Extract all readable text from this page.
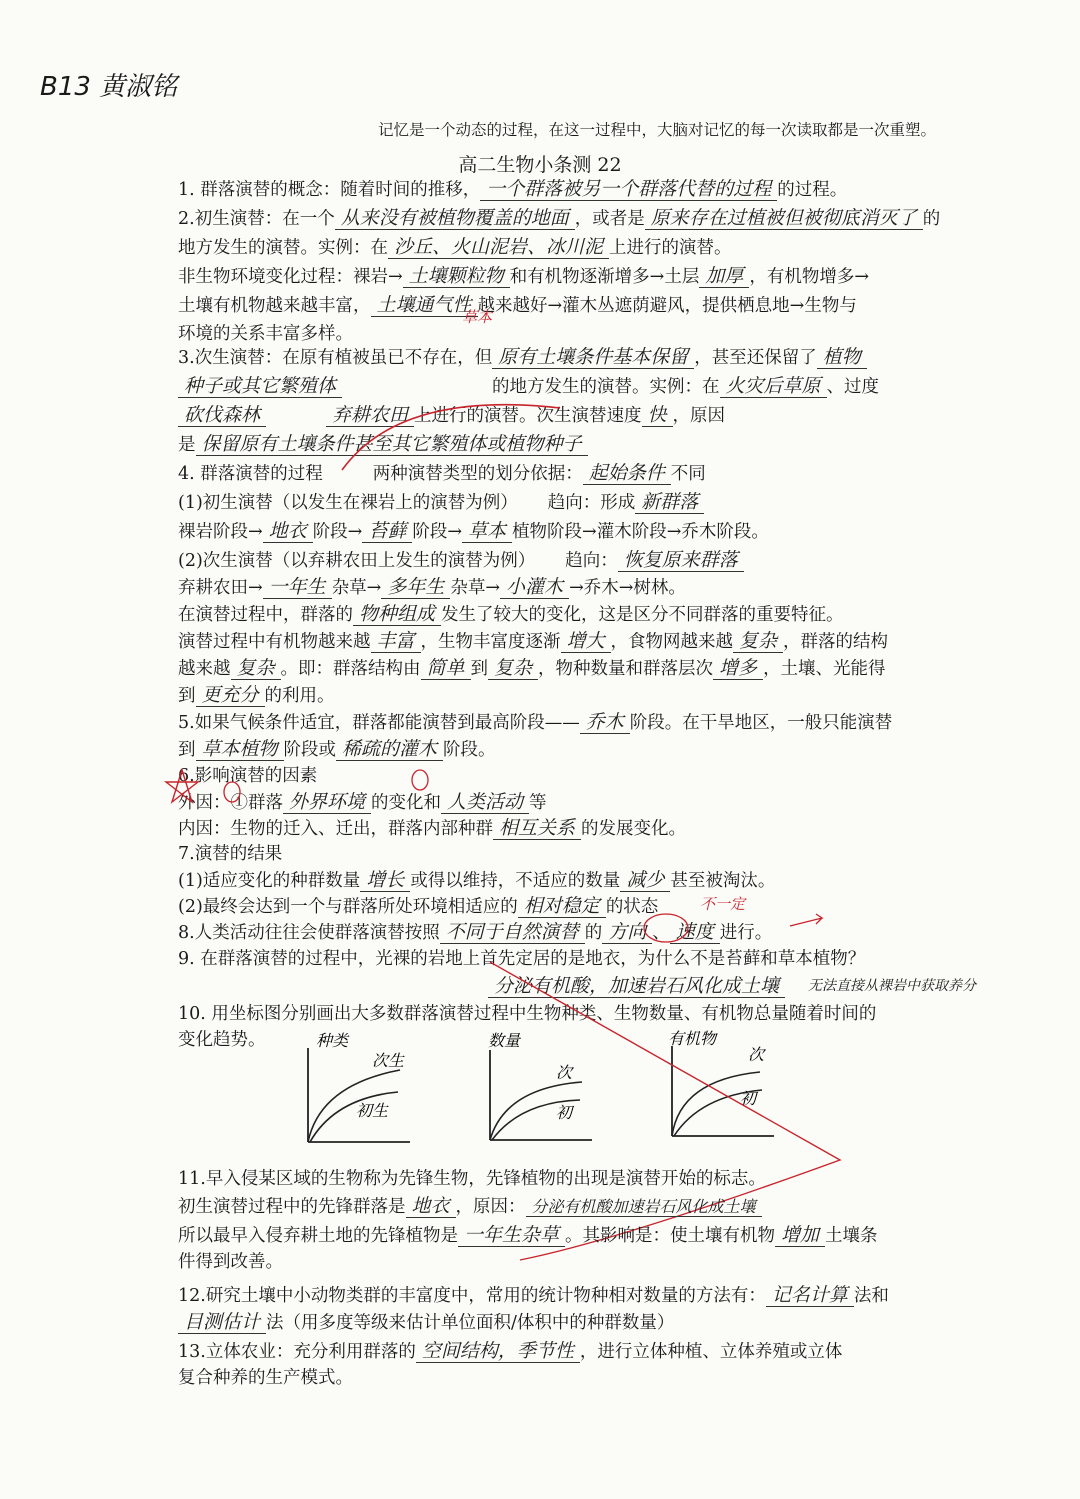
B13 黄淑铭
记忆是一个动态的过程，在这一过程中，大脑对记忆的每一次读取都是一次重塑。
高二生物小条测 22
1. 群落演替的概念：随着时间的推移， 一个群落被另一个群落代替的过程 的过程。
2.初生演替：在一个 从来没有被植物覆盖的地面 ，或者是 原来存在过植被但被彻底消灭了 的
地方发生的演替。实例：在 沙丘、火山泥岩、冰川泥 上进行的演替。
非生物环境变化过程：裸岩→ 土壤颗粒物 和有机物逐渐增多→土层 加厚 ，有机物增多→
土壤有机物越来越丰富， 土壤通气性 越来越好→灌木丛遮荫避风，提供栖息地→生物与
环境的关系丰富多样。
草本
3.次生演替：在原有植被虽已不存在，但 原有土壤条件基本保留 ，甚至还保留了 植物
种子或其它繁殖体	的地方发生的演替。实例：在 火灾后草原 、过度
砍伐森林	弃耕农田 上进行的演替。次生演替速度 快 ，原因
是 保留原有土壤条件甚至其它繁殖体或植物种子
4. 群落演替的过程	两种演替类型的划分依据： 起始条件 不同
(1)初生演替（以发生在裸岩上的演替为例） 趋向：形成 新群落
裸岩阶段→ 地衣 阶段→ 苔藓 阶段→ 草本 植物阶段→灌木阶段→乔木阶段。
(2)次生演替（以弃耕农田上发生的演替为例） 趋向： 恢复原来群落
弃耕农田→ 一年生 杂草→ 多年生 杂草→ 小灌木 →乔木→树林。
在演替过程中，群落的 物种组成 发生了较大的变化，这是区分不同群落的重要特征。
演替过程中有机物越来越 丰富 ，生物丰富度逐渐 增大 ，食物网越来越 复杂 ，群落的结构
越来越 复杂 。即：群落结构由 简单 到 复杂 ，物种数量和群落层次 增多 ，土壤、光能得
到 更充分 的利用。
5.如果气候条件适宜，群落都能演替到最高阶段—— 乔木 阶段。在干旱地区，一般只能演替
到 草本植物 阶段或 稀疏的灌木 阶段。
6.影响演替的因素
外因：①群落 外界环境 的变化和 人类活动 等
内因：生物的迁入、迁出，群落内部种群 相互关系 的发展变化。
7.演替的结果
(1)适应变化的种群数量 增长 或得以维持，不适应的数量 减少 甚至被淘汰。
(2)最终会达到一个与群落所处环境相适应的 相对稳定 的状态
8.人类活动往往会使群落演替按照 不同于自然演替 的 方向 、 速度 进行。
不一定
9. 在群落演替的过程中，光裸的岩地上首先定居的是地衣，为什么不是苔藓和草本植物？
分泌有机酸，加速岩石风化成土壤	无法直接从裸岩中获取养分
10. 用坐标图分别画出大多数群落演替过程中生物种类、生物数量、有机物总量随着时间的
变化趋势。	种类
次生
初生
数量
次
初
有机物
次
初
11.早入侵某区域的生物称为先锋生物，先锋植物的出现是演替开始的标志。
初生演替过程中的先锋群落是 地衣 ，原因： 分泌有机酸加速岩石风化成土壤
所以最早入侵弃耕土地的先锋植物是 一年生杂草 。其影响是：使土壤有机物 增加 土壤条
件得到改善。
12.研究土壤中小动物类群的丰富度中，常用的统计物种相对数量的方法有： 记名计算 法和
目测估计 法（用多度等级来估计单位面积/体积中的种群数量）
13.立体农业：充分利用群落的 空间结构，季节性 ，进行立体种植、立体养殖或立体
复合种养的生产模式。
